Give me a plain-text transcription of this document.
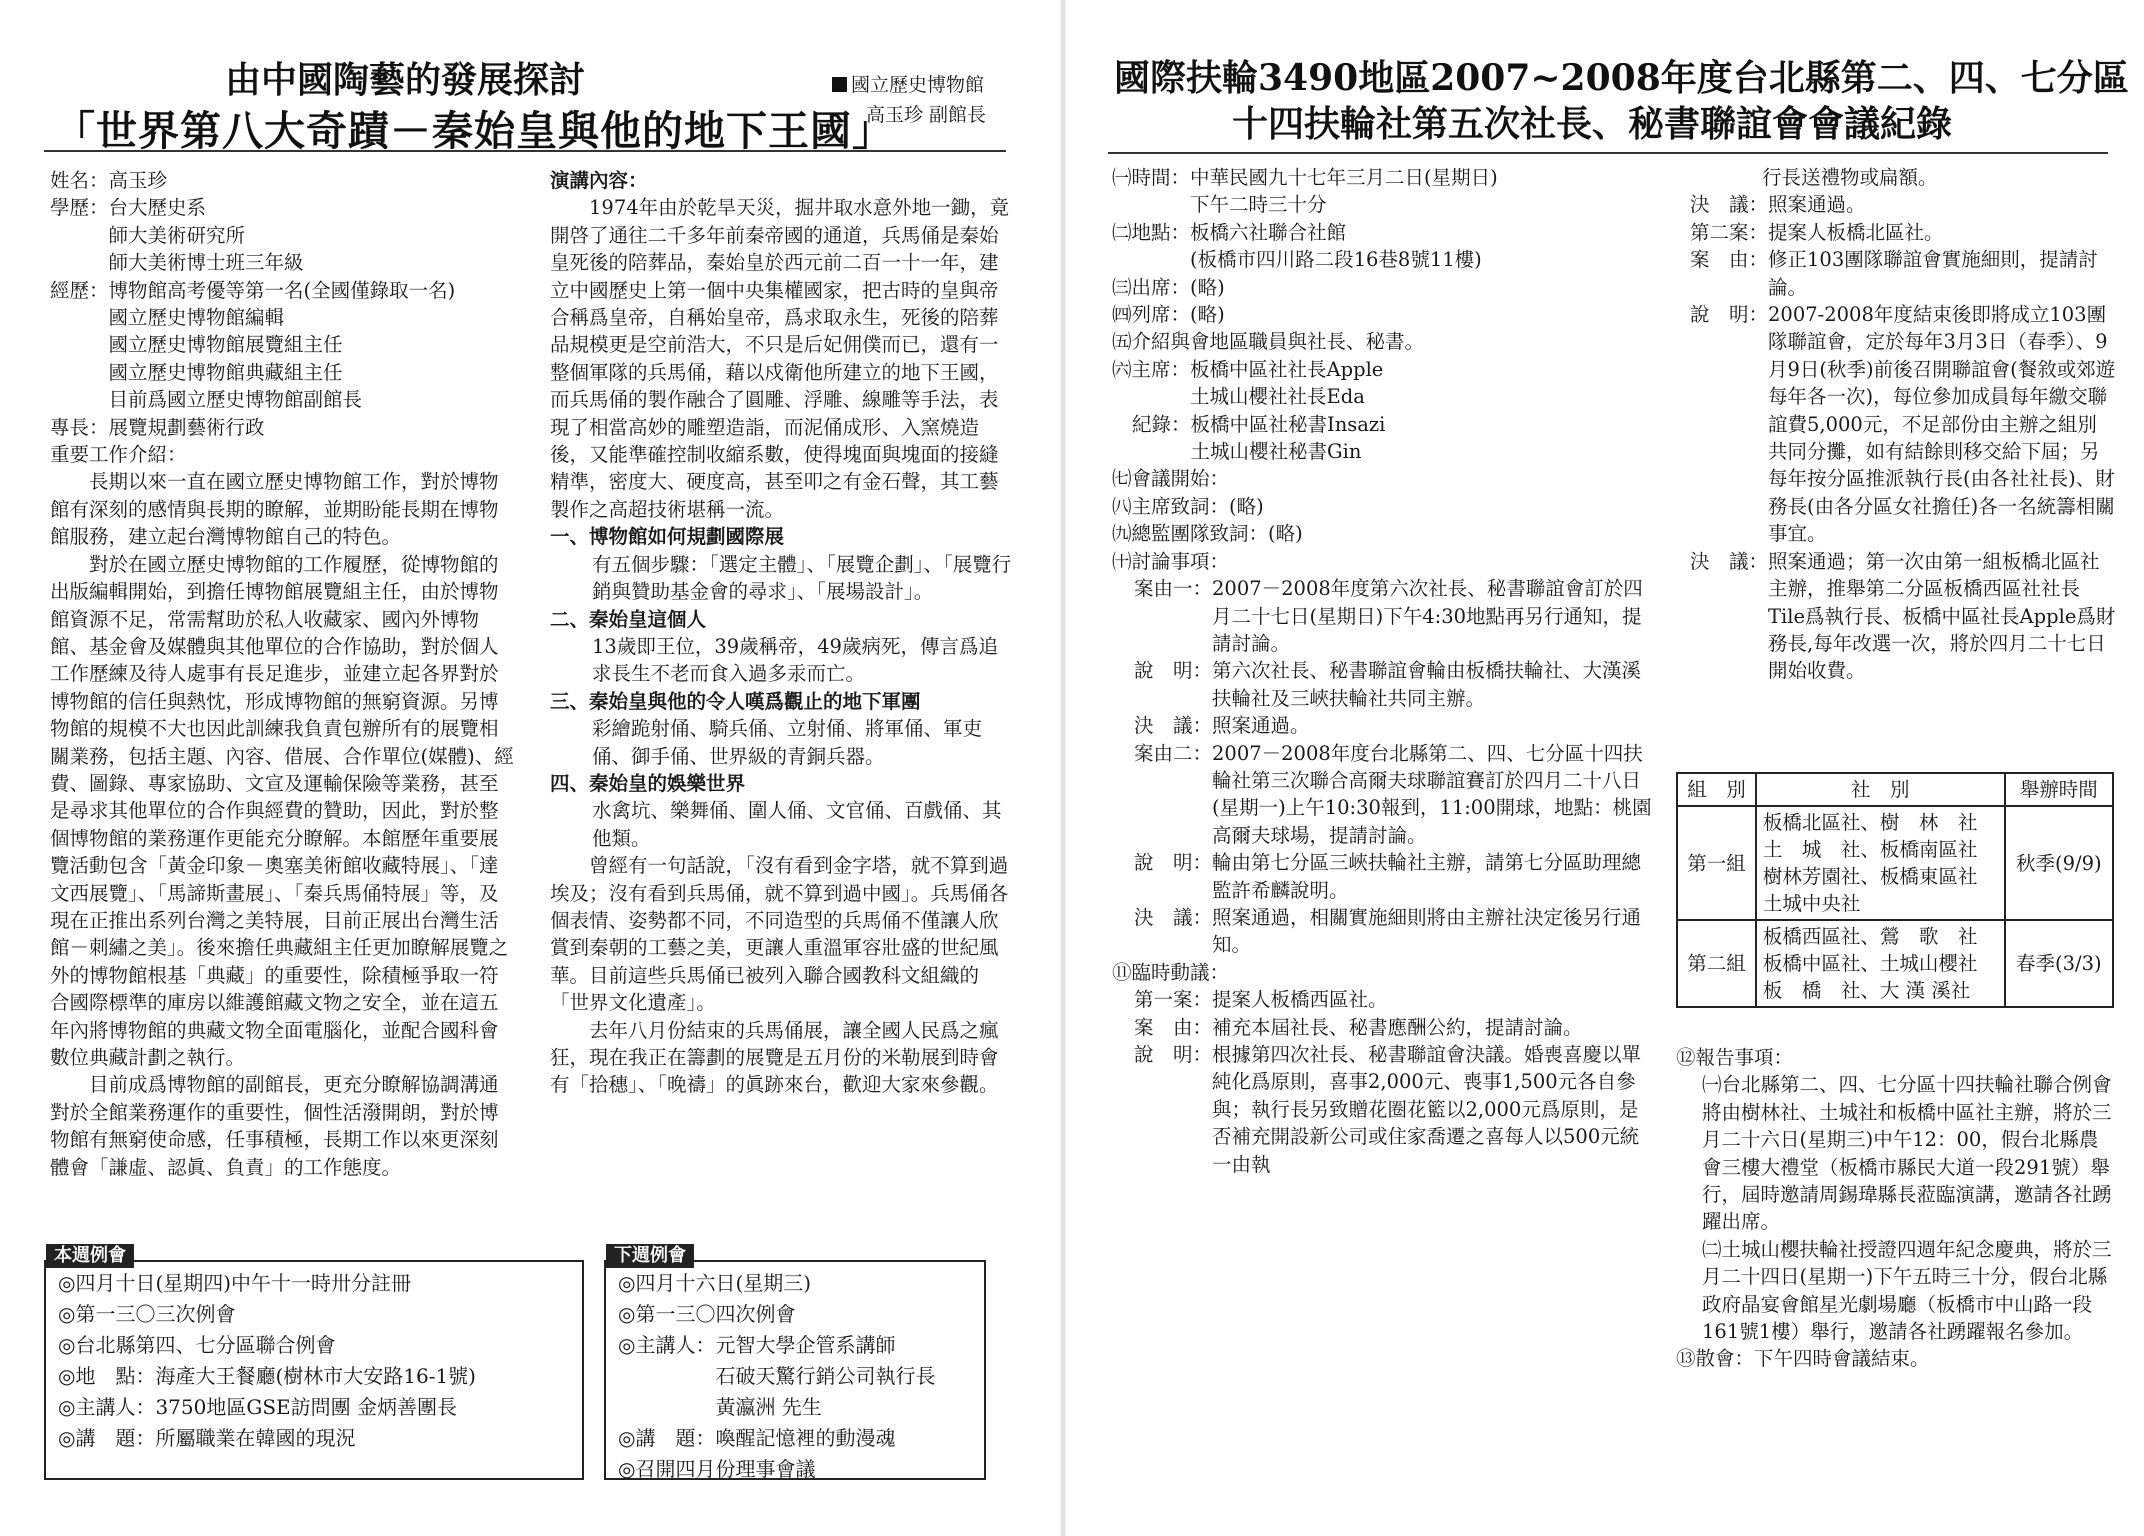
由中國陶藝的發展探討
「世界第八大奇蹟－秦始皇與他的地下王國」
國立歷史博物館
高玉珍 副館長
姓名： 高玉珍
學歷： 台大歷史系

師大美術研究所

師大美術博士班三年級

經歷： 博物館高考優等第一名(全國僅錄取一名)

國立歷史博物館編輯

國立歷史博物館展覽組主任

國立歷史博物館典藏組主任

目前爲國立歷史博物館副館長

專長： 展覽規劃藝術行政

重要工作介紹：

長期以來一直在國立歷史博物館工作，對於博物館有深刻的感情與長期的瞭解，並期盼能長期在博物館服務，建立起台灣博物館自己的特色。

對於在國立歷史博物館的工作履歷，從博物館的出版編輯開始，到擔任博物館展覽組主任，由於博物館資源不足，常需幫助於私人收藏家、國內外博物館、基金會及媒體與其他單位的合作協助，對於個人工作歷練及待人處事有長足進步，並建立起各界對於博物館的信任與熱忱，形成博物館的無窮資源。另博物館的規模不大也因此訓練我負責包辦所有的展覽相關業務，包括主題、內容、借展、合作單位(媒體)、經費、圖錄、專家協助、文宣及運輸保險等業務，甚至是尋求其他單位的合作與經費的贊助，因此，對於整個博物館的業務運作更能充分瞭解。本館歷年重要展覽活動包含「黃金印象－奧塞美術館收藏特展」、「達文西展覽」、「馬諦斯畫展」、「秦兵馬俑特展」等，及現在正推出系列台灣之美特展，目前正展出台灣生活館－刺繡之美」。後來擔任典藏組主任更加瞭解展覽之外的博物館根基「典藏」的重要性，除積極爭取一符合國際標準的庫房以維護館藏文物之安全，並在這五年內將博物館的典藏文物全面電腦化，並配合國科會數位典藏計劃之執行。

目前成爲博物館的副館長，更充分瞭解協調溝通對於全館業務運作的重要性，個性活潑開朗，對於博物館有無窮使命感，任事積極，長期工作以來更深刻體會「謙虛、認眞、負責」的工作態度。

演講內容：

1974年由於乾旱天災，掘井取水意外地一鋤，竟開啓了通往二千多年前秦帝國的通道，兵馬俑是秦始皇死後的陪葬品，秦始皇於西元前二百一十一年，建立中國歷史上第一個中央集權國家，把古時的皇與帝合稱爲皇帝，自稱始皇帝，爲求取永生，死後的陪葬品規模更是空前浩大，不只是后妃佣僕而已，還有一整個軍隊的兵馬俑，藉以戍衛他所建立的地下王國，而兵馬俑的製作融合了圓雕、浮雕、線雕等手法，表現了相當高妙的雕塑造詣，而泥俑成形、入窯燒造後，又能準確控制收縮系數，使得塊面與塊面的接縫精準，密度大、硬度高，甚至叩之有金石聲，其工藝製作之高超技術堪稱一流。

一、博物館如何規劃國際展

有五個步驟：「選定主體」、「展覽企劃」、「展覽行銷與贊助基金會的尋求」、「展場設計」。

二、秦始皇這個人

13歲即王位，39歲稱帝，49歲病死，傳言爲追求長生不老而食入過多汞而亡。

三、秦始皇與他的令人嘆爲觀止的地下軍團

彩繪跪射俑、騎兵俑、立射俑、將軍俑、軍吏俑、御手俑、世界級的青銅兵器。

四、秦始皇的娛樂世界

水禽坑、樂舞俑、圍人俑、文官俑、百戲俑、其他類。

曾經有一句話說，「沒有看到金字塔，就不算到過埃及；沒有看到兵馬俑，就不算到過中國」。兵馬俑各個表情、姿勢都不同，不同造型的兵馬俑不僅讓人欣賞到秦朝的工藝之美，更讓人重溫軍容壯盛的世紀風華。目前這些兵馬俑已被列入聯合國教科文組織的「世界文化遺產」。

去年八月份結束的兵馬俑展，讓全國人民爲之瘋狂，現在我正在籌劃的展覽是五月份的米勒展到時會有「拾穗」、「晚禱」的眞跡來台，歡迎大家來參觀。

本週例會

◎四月十日(星期四)中午十一時卅分註冊

◎第一三〇三次例會

◎台北縣第四、七分區聯合例會

◎地　點：海產大王餐廳(樹林市大安路16-1號)

◎主講人：3750地區GSE訪問團 金炳善團長

◎講　題：所屬職業在韓國的現況

下週例會

◎四月十六日(星期三)

◎第一三〇四次例會

◎主講人： 元智大學企管系講師

石破天驚行銷公司執行長

黃瀛洲 先生

◎講　題：喚醒記憶裡的動漫魂

◎召開四月份理事會議

國際扶輪3490地區2007~2008年度台北縣第二、四、七分區
十四扶輪社第五次社長、秘書聯誼會會議紀錄
㈠時間： 中華民國九十七年三月二日(星期日)

下午二時三十分

㈡地點： 板橋六社聯合社館

(板橋市四川路二段16巷8號11樓)

㈢出席：(略)

㈣列席：(略)

㈤介紹與會地區職員與社長、秘書。

㈥主席： 板橋中區社社長Apple

土城山櫻社社長Eda

紀錄： 板橋中區社秘書Insazi

土城山櫻社秘書Gin

㈦會議開始：

㈧主席致詞：(略)

㈨總監團隊致詞：(略)

㈩討論事項：

案由一： 2007－2008年度第六次社長、秘書聯誼會訂於四月二十七日(星期日)下午4:30地點再另行通知，提請討論。
說　明： 第六次社長、秘書聯誼會輪由板橋扶輪社、大漢溪扶輪社及三峽扶輪社共同主辦。
決　議： 照案通過。
案由二： 2007－2008年度台北縣第二、四、七分區十四扶輪社第三次聯合高爾夫球聯誼賽訂於四月二十八日(星期一)上午10:30報到，11:00開球，地點：桃園高爾夫球場，提請討論。
說　明： 輪由第七分區三峽扶輪社主辦，請第七分區助理總監許希麟說明。
決　議： 照案通過，相關實施細則將由主辦社決定後另行通知。

⑪臨時動議：

第一案： 提案人板橋西區社。
案　由： 補充本屆社長、秘書應酬公約，提請討論。
說　明： 根據第四次社長、秘書聯誼會決議。婚喪喜慶以單純化爲原則，喜事2,000元、喪事1,500元各自參與；執行長另致贈花圈花籃以2,000元爲原則，是否補充開設新公司或住家喬遷之喜每人以500元統一由執

行長送禮物或扁額。

決　議： 照案通過。
第二案： 提案人板橋北區社。
案　由： 修正103團隊聯誼會實施細則，提請討論。
說　明： 2007-2008年度結束後即將成立103團隊聯誼會，定於每年3月3日（春季）、9月9日(秋季)前後召開聯誼會(餐敘或郊遊每年各一次)，每位參加成員每年繳交聯誼費5,000元，不足部份由主辦之組別共同分攤，如有結餘則移交給下屆；另每年按分區推派執行長(由各社社長)、財務長(由各分區女社擔任)各一名統籌相關事宜。
決　議： 照案通過；第一次由第一組板橋北區社主辦，推舉第二分區板橋西區社社長Tile爲執行長、板橋中區社長Apple爲財務長,每年改選一次，將於四月二十七日開始收費。
組　別	社　別	舉辦時間
第一組	板橋北區社、樹　林　社
土　城　社、板橋南區社
樹林芳園社、板橋東區社
土城中央社	秋季(9/9)
第二組	板橋西區社、鶯　歌　社
板橋中區社、土城山櫻社
板　橋　社、大 漢 溪社	春季(3/3)

⑫報告事項：

㈠台北縣第二、四、七分區十四扶輪社聯合例會將由樹林社、土城社和板橋中區社主辦，將於三月二十六日(星期三)中午12：00，假台北縣農會三樓大禮堂（板橋市縣民大道一段291號）舉行，屆時邀請周錫瑋縣長蒞臨演講，邀請各社踴躍出席。

㈡土城山櫻扶輪社授證四週年紀念慶典，將於三月二十四日(星期一)下午五時三十分，假台北縣政府晶宴會館星光劇場廳（板橋市中山路一段161號1樓）舉行，邀請各社踴躍報名參加。

⑬散會：下午四時會議結束。
